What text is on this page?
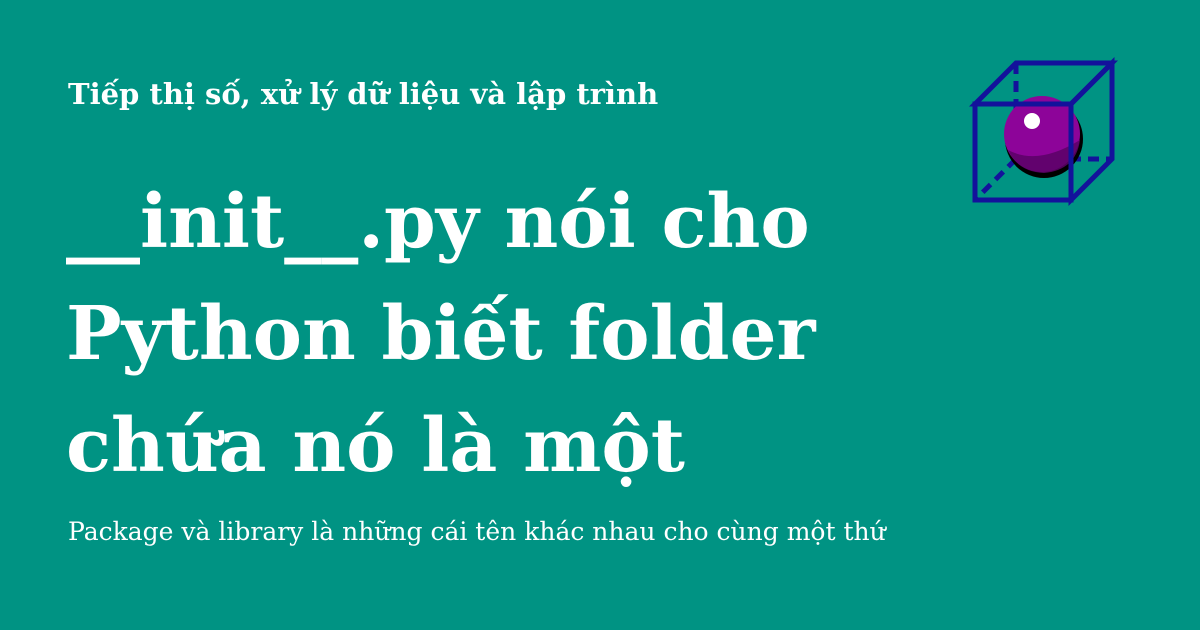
Tiếp thị số, xử lý dữ liệu và lập trình
__init__.py nói cho
Python biết folder
chứa nó là một
Package và library là những cái tên khác nhau cho cùng một thứ
